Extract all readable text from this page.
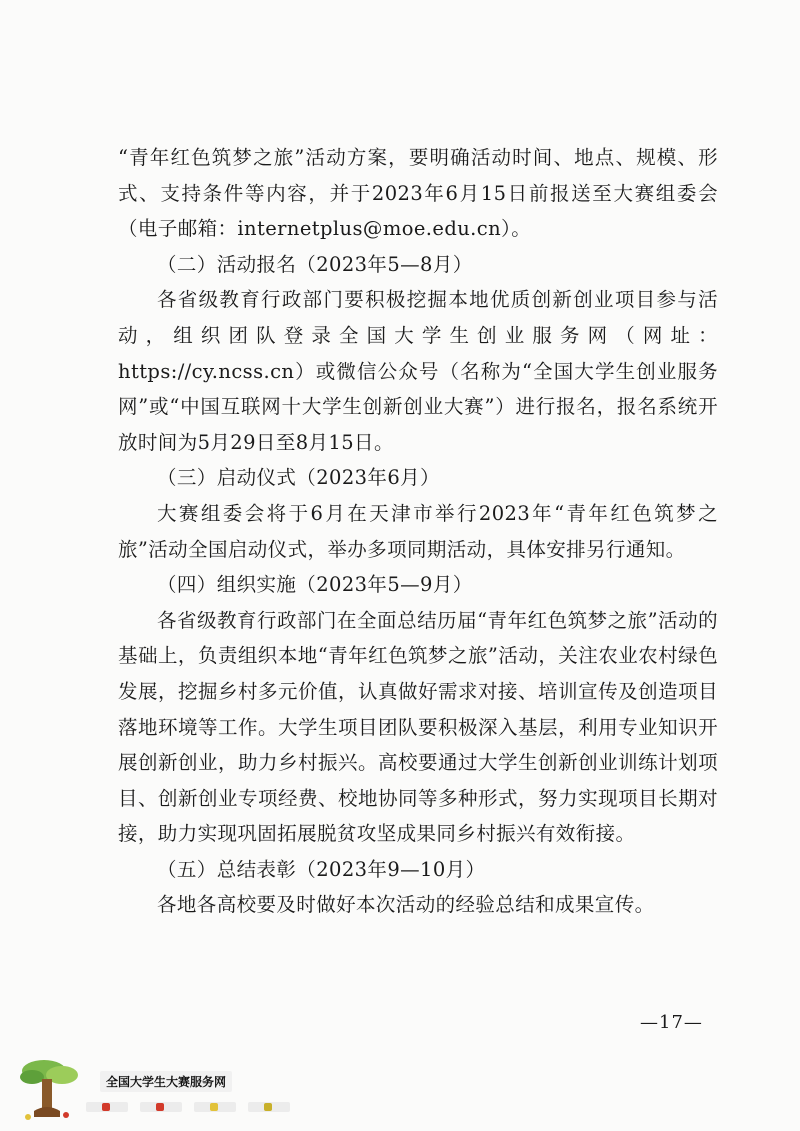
“青年红色筑梦之旅”活动方案，要明确活动时间、地点、规模、形式、支持条件等内容，并于2023年6月15日前报送至大赛组委会（电子邮箱：internetplus@moe.edu.cn）。

（二）活动报名（2023年5—8月）

各省级教育行政部门要积极挖掘本地优质创新创业项目参与活动，组织团队登录全国大学生创业服务网（网址：https://cy.ncss.cn）或微信公众号（名称为“全国大学生创业服务网”或“中国互联网十大学生创新创业大赛”）进行报名，报名系统开放时间为5月29日至8月15日。

（三）启动仪式（2023年6月）

大赛组委会将于6月在天津市举行2023年“青年红色筑梦之旅”活动全国启动仪式，举办多项同期活动，具体安排另行通知。

（四）组织实施（2023年5—9月）

各省级教育行政部门在全面总结历届“青年红色筑梦之旅”活动的基础上，负责组织本地“青年红色筑梦之旅”活动，关注农业农村绿色发展，挖掘乡村多元价值，认真做好需求对接、培训宣传及创造项目落地环境等工作。大学生项目团队要积极深入基层，利用专业知识开展创新创业，助力乡村振兴。高校要通过大学生创新创业训练计划项目、创新创业专项经费、校地协同等多种形式，努力实现项目长期对接，助力实现巩固拓展脱贫攻坚成果同乡村振兴有效衔接。

（五）总结表彰（2023年9—10月）

各地各高校要及时做好本次活动的经验总结和成果宣传。

—17—
全国大学生大赛服务网
